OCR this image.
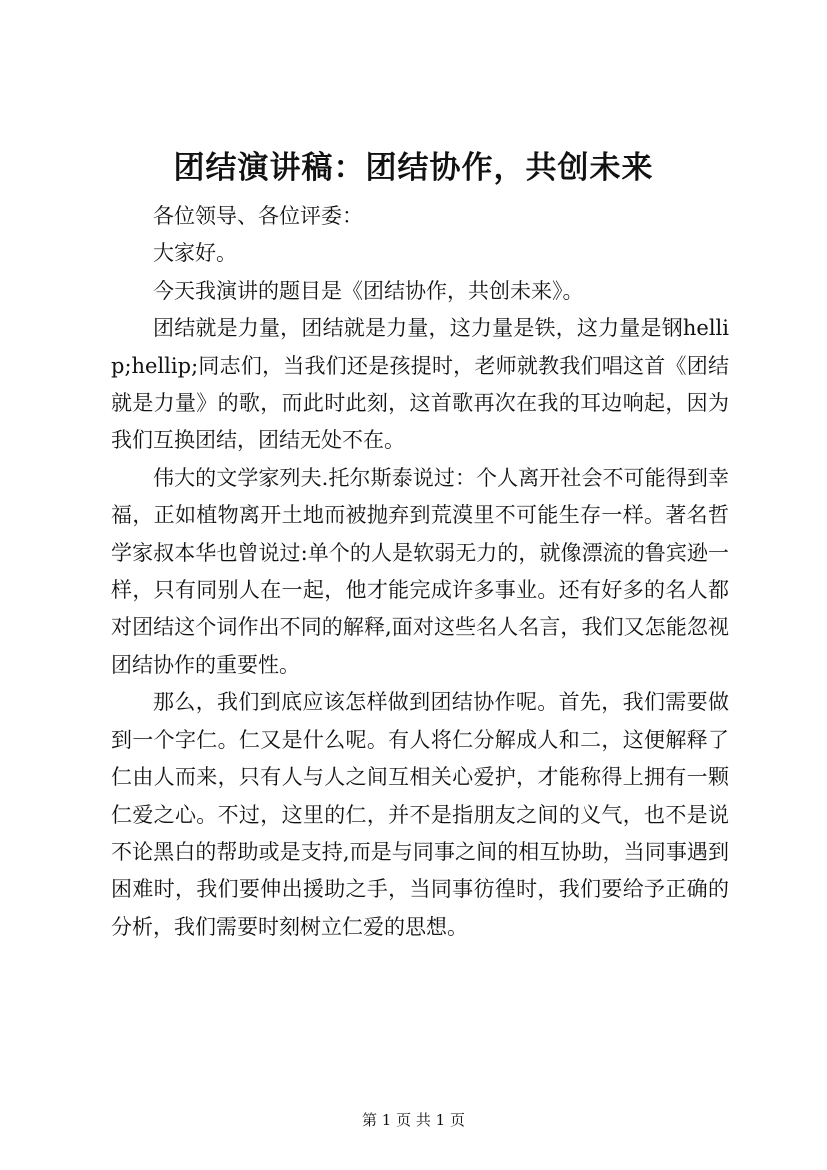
团结演讲稿：团结协作，共创未来

各位领导、各位评委：

大家好。

今天我演讲的题目是《团结协作，共创未来》。

团结就是力量，团结就是力量，这力量是铁，这力量是钢hellip;hellip;同志们，当我们还是孩提时，老师就教我们唱这首《团结就是力量》的歌，而此时此刻，这首歌再次在我的耳边响起，因为我们互换团结，团结无处不在。

伟大的文学家列夫.托尔斯泰说过：个人离开社会不可能得到幸福，正如植物离开土地而被抛弃到荒漠里不可能生存一样。著名哲学家叔本华也曾说过:单个的人是软弱无力的，就像漂流的鲁宾逊一样，只有同别人在一起，他才能完成许多事业。还有好多的名人都对团结这个词作出不同的解释,面对这些名人名言，我们又怎能忽视团结协作的重要性。

那么，我们到底应该怎样做到团结协作呢。首先，我们需要做到一个字仁。仁又是什么呢。有人将仁分解成人和二，这便解释了仁由人而来，只有人与人之间互相关心爱护，才能称得上拥有一颗仁爱之心。不过，这里的仁，并不是指朋友之间的义气，也不是说不论黑白的帮助或是支持,而是与同事之间的相互协助，当同事遇到困难时，我们要伸出援助之手，当同事彷徨时，我们要给予正确的分析，我们需要时刻树立仁爱的思想。

第 1 页 共 1 页
